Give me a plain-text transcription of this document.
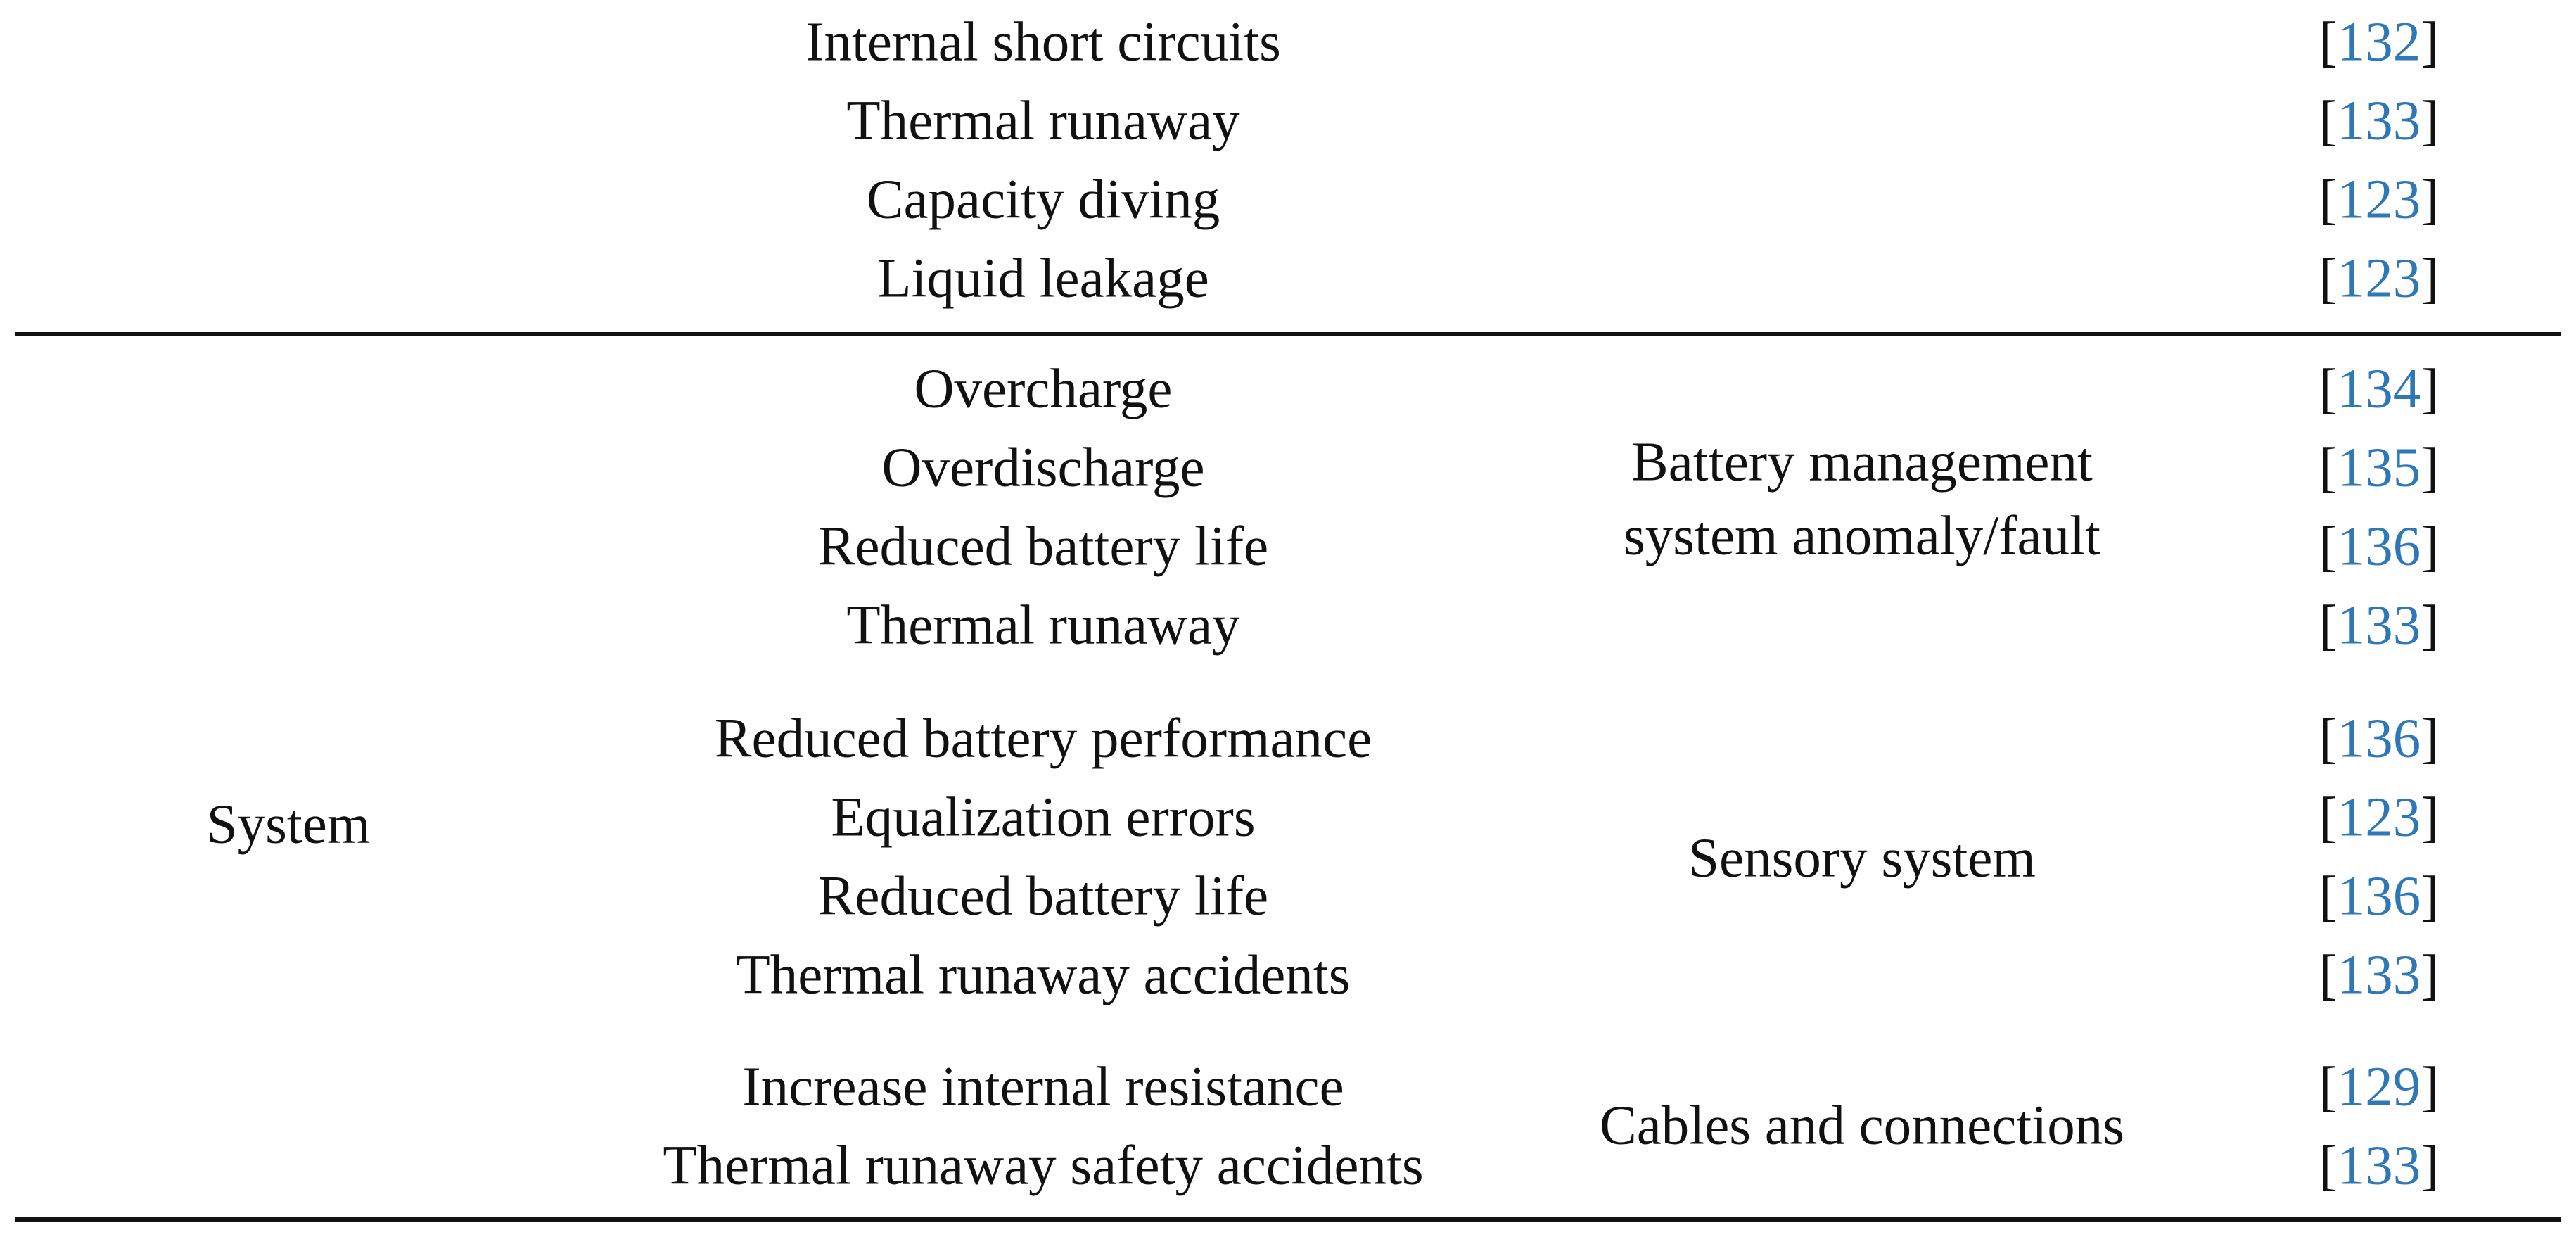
Internal short circuits
Thermal runaway
Capacity diving
Liquid leakage
[132]
[133]
[123]
[123]
System
Battery management
system anomaly/fault
Overcharge
Overdischarge
Reduced battery life
Thermal runaway
[134]
[135]
[136]
[133]
Sensory system
Reduced battery performance
Equalization errors
Reduced battery life
Thermal runaway accidents
[136]
[123]
[136]
[133]
Cables and connections
Increase internal resistance
Thermal runaway safety accidents
[129]
[133]
